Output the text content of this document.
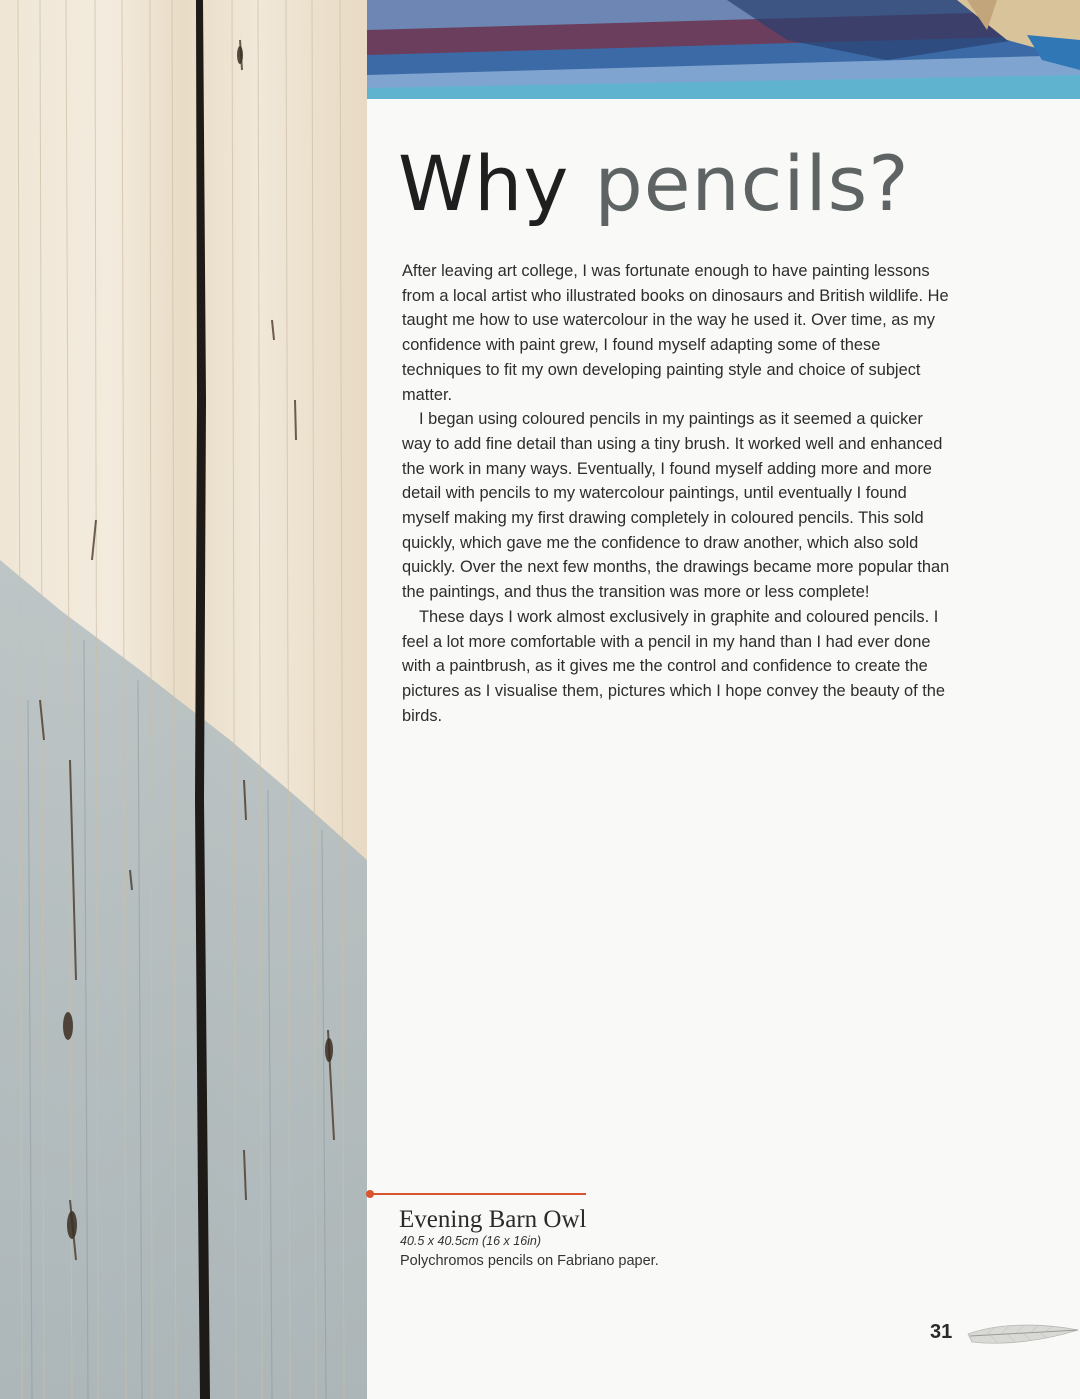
Why pencils?

After leaving art college, I was fortunate enough to have painting lessons from a local artist who illustrated books on dinosaurs and British wildlife. He taught me how to use watercolour in the way he used it. Over time, as my confidence with paint grew, I found myself adapting some of these techniques to fit my own developing painting style and choice of subject matter.

I began using coloured pencils in my paintings as it seemed a quicker way to add fine detail than using a tiny brush. It worked well and enhanced the work in many ways. Eventually, I found myself adding more and more detail with pencils to my watercolour paintings, until eventually I found myself making my first drawing completely in coloured pencils. This sold quickly, which gave me the confidence to draw another, which also sold quickly. Over the next few months, the drawings became more popular than the paintings, and thus the transition was more or less complete!

These days I work almost exclusively in graphite and coloured pencils. I feel a lot more comfortable with a pencil in my hand than I had ever done with a paintbrush, as it gives me the control and confidence to create the pictures as I visualise them, pictures which I hope convey the beauty of the birds.

Evening Barn Owl
40.5 x 40.5cm (16 x 16in)
Polychromos pencils on Fabriano paper.
31
